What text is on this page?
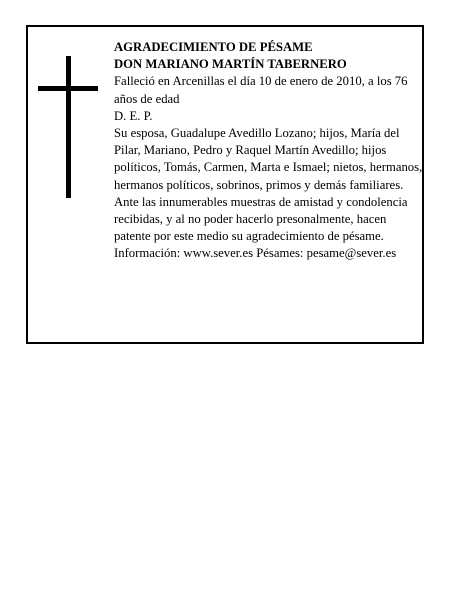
AGRADECIMIENTO DE PÉSAME

DON MARIANO MARTÍN TABERNERO

Falleció en Arcenillas el día 10 de enero de 2010, a los 76 años de edad

D. E. P.

Su esposa, Guadalupe Avedillo Lozano; hijos, María del Pilar, Mariano, Pedro y Raquel Martín Avedillo; hijos políticos, Tomás, Carmen, Marta e Ismael; nietos, hermanos, hermanos políticos, sobrinos, primos y demás familiares.

Ante las innumerables muestras de amistad y condolencia recibidas, y al no poder hacerlo presonalmente, hacen patente por este medio su agradecimiento de pésame.

Información: www.sever.es Pésames: pesame@sever.es
